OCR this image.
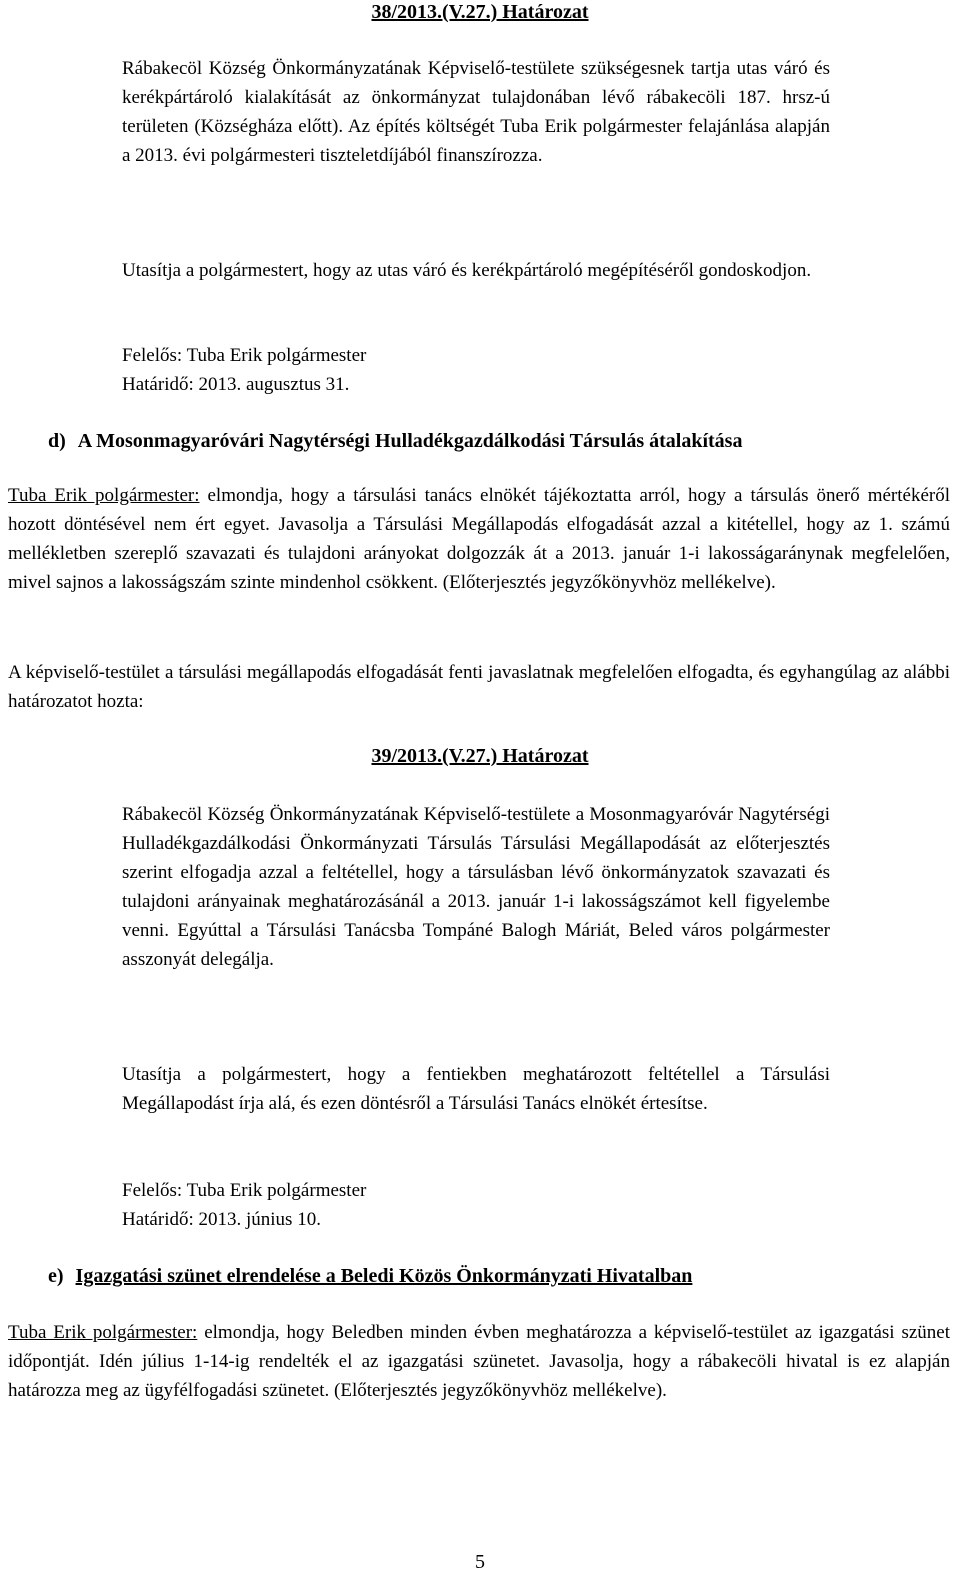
38/2013.(V.27.) Határozat

Rábakecöl Község Önkormányzatának Képviselő-testülete szükségesnek tartja utas váró és kerékpártároló kialakítását az önkormányzat tulajdonában lévő rábakecöli 187. hrsz-ú területen (Községháza előtt). Az építés költségét Tuba Erik polgármester felajánlása alapján a 2013. évi polgármesteri tiszteletdíjából finanszírozza.

Utasítja a polgármestert, hogy az utas váró és kerékpártároló megépítéséről gondoskodjon.

Felelős: Tuba Erik polgármester
Határidő: 2013. augusztus 31.
d) A Mosonmagyaróvári Nagytérségi Hulladékgazdálkodási Társulás átalakítása

Tuba Erik polgármester: elmondja, hogy a társulási tanács elnökét tájékoztatta arról, hogy a társulás önerő mértékéről hozott döntésével nem ért egyet. Javasolja a Társulási Megállapodás elfogadását azzal a kitétellel, hogy az 1. számú mellékletben szereplő szavazati és tulajdoni arányokat dolgozzák át a 2013. január 1-i lakosságaránynak megfelelően, mivel sajnos a lakosságszám szinte mindenhol csökkent. (Előterjesztés jegyzőkönyvhöz mellékelve).

A képviselő-testület a társulási megállapodás elfogadását fenti javaslatnak megfelelően elfogadta, és egyhangúlag az alábbi határozatot hozta:

39/2013.(V.27.) Határozat

Rábakecöl Község Önkormányzatának Képviselő-testülete a Mosonmagyaróvár Nagytérségi Hulladékgazdálkodási Önkormányzati Társulás Társulási Megállapodását az előterjesztés szerint elfogadja azzal a feltétellel, hogy a társulásban lévő önkormányzatok szavazati és tulajdoni arányainak meghatározásánál a 2013. január 1-i lakosságszámot kell figyelembe venni. Egyúttal a Társulási Tanácsba Tompáné Balogh Máriát, Beled város polgármester asszonyát delegálja.

Utasítja a polgármestert, hogy a fentiekben meghatározott feltétellel a Társulási Megállapodást írja alá, és ezen döntésről a Társulási Tanács elnökét értesítse.

Felelős: Tuba Erik polgármester
Határidő: 2013. június 10.
e) Igazgatási szünet elrendelése a Beledi Közös Önkormányzati Hivatalban

Tuba Erik polgármester: elmondja, hogy Beledben minden évben meghatározza a képviselő-testület az igazgatási szünet időpontját. Idén július 1-14-ig rendelték el az igazgatási szünetet. Javasolja, hogy a rábakecöli hivatal is ez alapján határozza meg az ügyfélfogadási szünetet. (Előterjesztés jegyzőkönyvhöz mellékelve).

5
